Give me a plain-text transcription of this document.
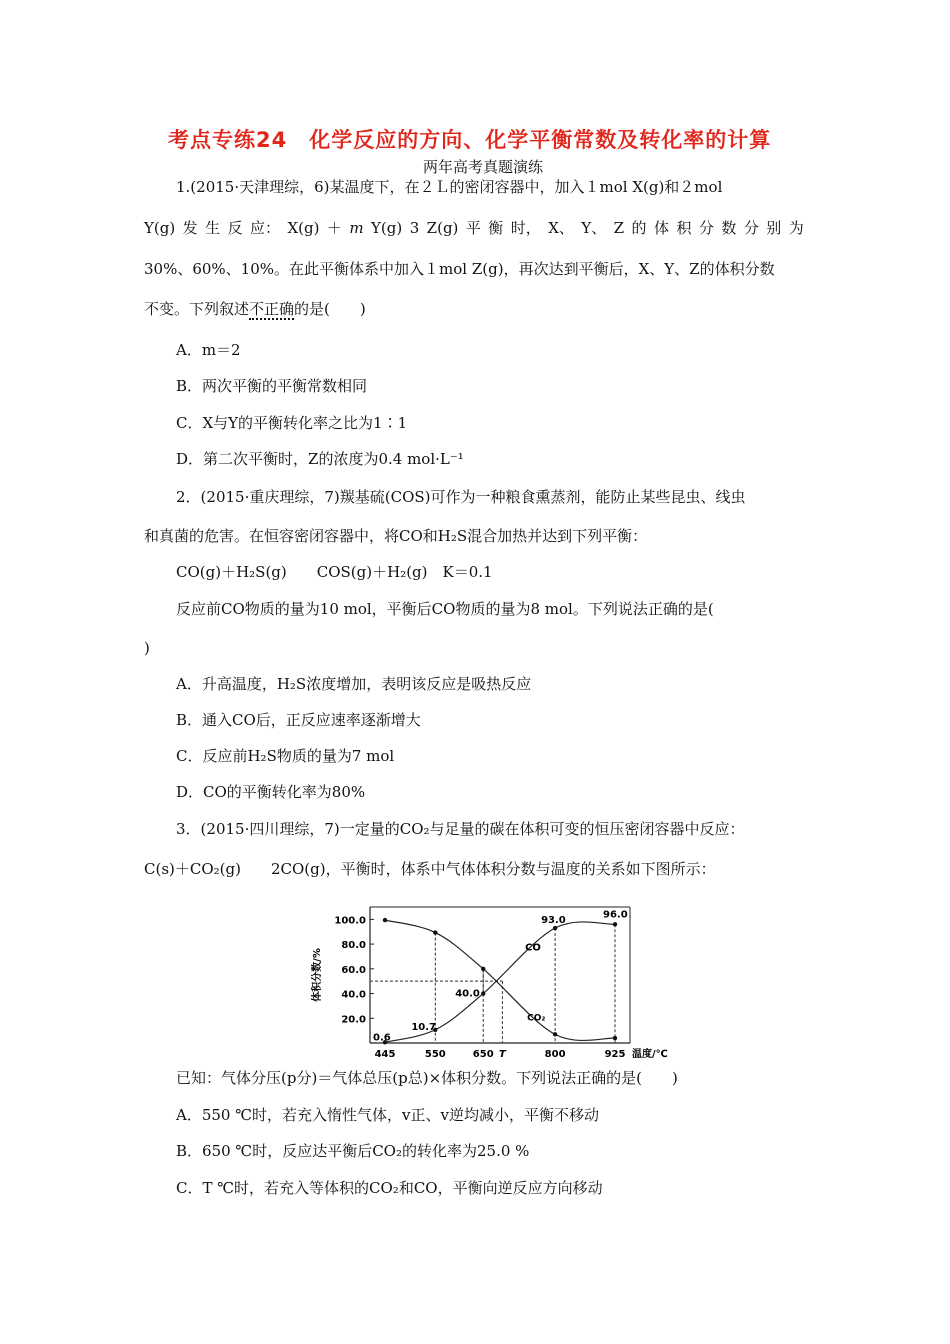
考点专练24　化学反应的方向、化学平衡常数及转化率的计算
两年高考真题演练
1.(2015·天津理综，6)某温度下，在２Ｌ的密闭容器中，加入１mol X(g)和２mol
Y(g) 发 生 反 应： X(g) ＋ m Y(g) 3 Z(g) 平 衡 时， X、 Y、 Z 的 体 积 分 数 分 别 为
30%、60%、10%。在此平衡体系中加入１mol Z(g)，再次达到平衡后，X、Y、Z的体积分数
不变。下列叙述不正确的是(　　)
A．m＝2
B．两次平衡的平衡常数相同
C．X与Y的平衡转化率之比为1∶1
D．第二次平衡时，Z的浓度为0.4 mol·L⁻¹
2．(2015·重庆理综，7)羰基硫(COS)可作为一种粮食熏蒸剂，能防止某些昆虫、线虫
和真菌的危害。在恒容密闭容器中，将CO和H₂S混合加热并达到下列平衡：
CO(g)＋H₂S(g)　　COS(g)＋H₂(g)　K＝0.1
反应前CO物质的量为10 mol，平衡后CO物质的量为8 mol。下列说法正确的是(
)
A．升高温度，H₂S浓度增加，表明该反应是吸热反应
B．通入CO后，正反应速率逐渐增大
C．反应前H₂S物质的量为7 mol
D．CO的平衡转化率为80%
3．(2015·四川理综，7)一定量的CO₂与足量的碳在体积可变的恒压密闭容器中反应：
C(s)＋CO₂(g)　　2CO(g)，平衡时，体系中气体体积分数与温度的关系如下图所示：
20.0
40.0
60.0
80.0
100.0
体积分数/%
445	550	650 T	800	925 温度/℃
CO
CO₂
0.6
10.7
40.0
93.0
96.0
已知：气体分压(p分)＝气体总压(p总)×体积分数。下列说法正确的是(　　)
A．550 ℃时，若充入惰性气体，v正、v逆均减小，平衡不移动
B．650 ℃时，反应达平衡后CO₂的转化率为25.0 %
C．T ℃时，若充入等体积的CO₂和CO，平衡向逆反应方向移动
